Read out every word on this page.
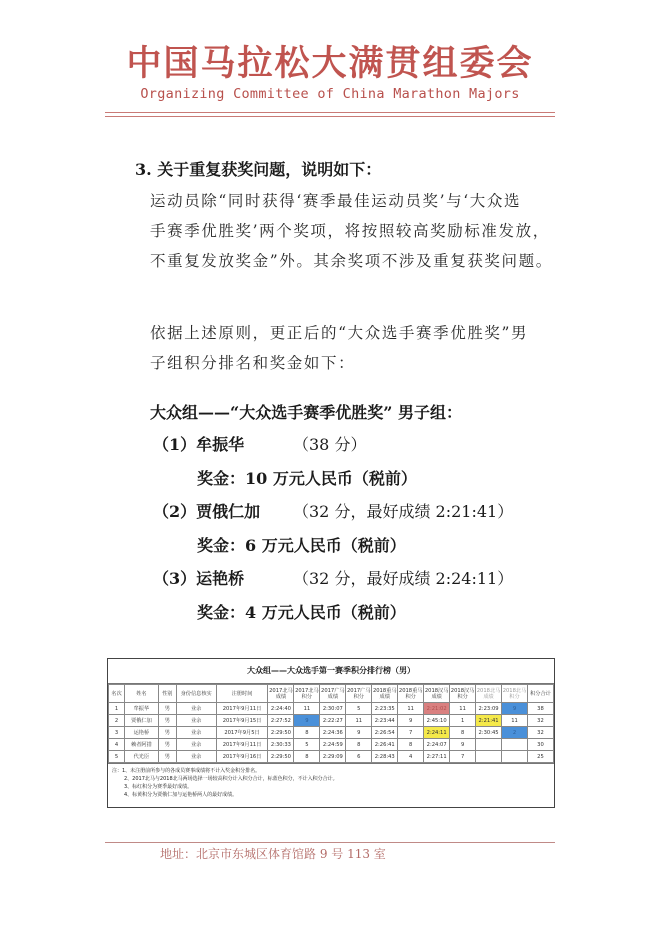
中国马拉松大满贯组委会
Organizing Committee of China Marathon Majors
3. 关于重复获奖问题，说明如下：
运动员除“同时获得‘赛季最佳运动员奖’与‘大众选
手赛季优胜奖’两个奖项，将按照较高奖励标准发放，
不重复发放奖金”外。其余奖项不涉及重复获奖问题。
依据上述原则，更正后的“大众选手赛季优胜奖”男
子组积分排名和奖金如下：
大众组——“大众选手赛季优胜奖” 男子组：
（1）牟振华	（38 分）
奖金：10 万元人民币（税前）
（2）贾俄仁加 （32 分，最好成绩 2:21:41）
奖金：6 万元人民币（税前）
（3）运艳桥	（32 分，最好成绩 2:24:11）
奖金：4 万元人民币（税前）
大众组——大众选手第一赛季积分排行榜（男）
名次	姓名	性别	身份信息核实	注册时间	2017北马成绩	2017北马积分	2017广马成绩	2017广马积分	2018重马成绩	2018重马积分	2018汉马成绩	2018汉马积分	2018北马成绩	2018北马积分	积分合计
1	牟振华	男	业余	2017年9月11日	2:24:40	11	2:30:07	5	2:23:35	11	2:21:02	11	2:23:09	9	38
2	贾俄仁加	男	业余	2017年9月15日	2:27:52	9	2:22:27	11	2:23:44	9	2:45:10	1	2:21:41	11	32
3	运艳桥	男	业余	2017年9月5日	2:29:50	8	2:24:36	9	2:26:54	7	2:24:11	8	2:30:45	2	32
4	赖者阿措	男	业余	2017年9月11日	2:30:33	5	2:24:59	8	2:26:41	8	2:24:07	9			30
5	代光臣	男	业余	2017年9月16日	2:29:50	8	2:29:09	6	2:28:43	4	2:27:11	7			25
注：1、未注册前所参与的各成员赛事成绩将不计入奖金积分排名。
2、2017北马与2018北马两场选择一场较高积分计入积分合计，标蓝色积分，不计入积分合计。
3、标红积分为赛季最好成绩。
4、标黄积分为贾俄仁加与运艳桥两人的最好成绩。
地址：北京市东城区体育馆路 9 号 113 室
